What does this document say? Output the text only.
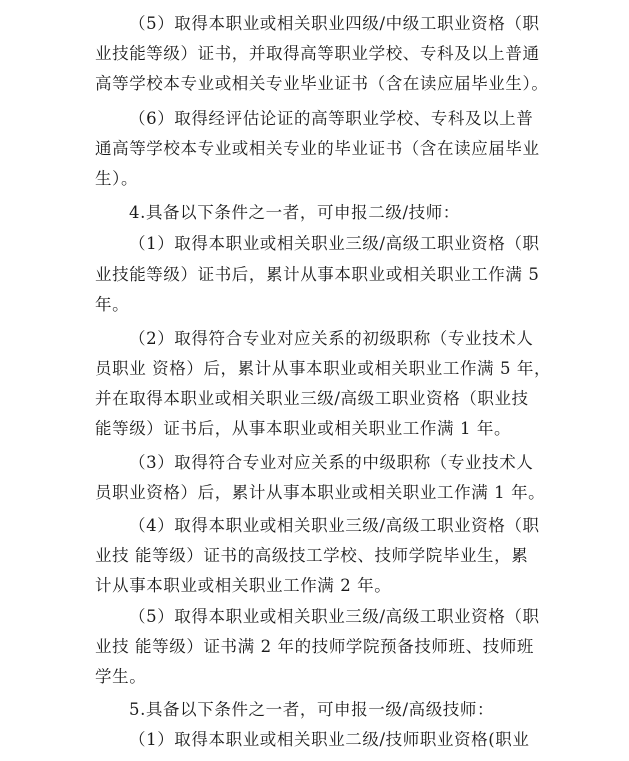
（5）取得本职业或相关职业四级/中级工职业资格（职
业技能等级）证书，并取得高等职业学校、专科及以上普通
高等学校本专业或相关专业毕业证书（含在读应届毕业生）。
（6）取得经评估论证的高等职业学校、专科及以上普
通高等学校本专业或相关专业的毕业证书（含在读应届毕业
生）。
4.具备以下条件之一者，可申报二级/技师：
（1）取得本职业或相关职业三级/高级工职业资格（职
业技能等级）证书后，累计从事本职业或相关职业工作满 5
年。
（2）取得符合专业对应关系的初级职称（专业技术人
员职业 资格）后，累计从事本职业或相关职业工作满 5 年，
并在取得本职业或相关职业三级/高级工职业资格（职业技
能等级）证书后，从事本职业或相关职业工作满 1 年。
（3）取得符合专业对应关系的中级职称（专业技术人
员职业资格）后，累计从事本职业或相关职业工作满 1 年。
（4）取得本职业或相关职业三级/高级工职业资格（职
业技 能等级）证书的高级技工学校、技师学院毕业生，累
计从事本职业或相关职业工作满 2 年。
（5）取得本职业或相关职业三级/高级工职业资格（职
业技 能等级）证书满 2 年的技师学院预备技师班、技师班
学生。
5.具备以下条件之一者，可申报一级/高级技师：
（1）取得本职业或相关职业二级/技师职业资格(职业
